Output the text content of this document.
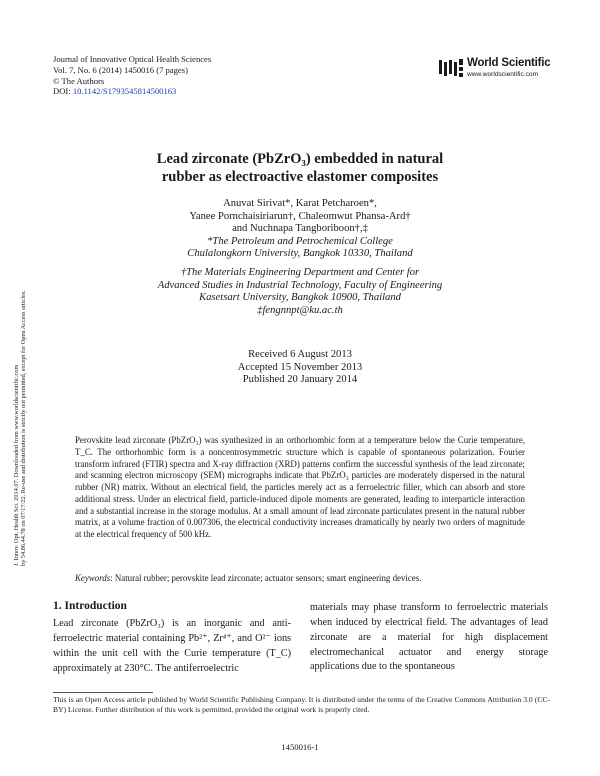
J. Innov. Opt. Health Sci. 2014.07. Downloaded from www.worldscientific.com by 54.86.44.78 on 07/17/22. Re-use and distribution is strictly not permitted, except for Open Access articles.
Journal of Innovative Optical Health Sciences
Vol. 7, No. 6 (2014) 1450016 (7 pages)
© The Authors
DOI: 10.1142/S1793545814500163
World Scientific
www.worldscientific.com
Lead zirconate (PbZrO₃) embedded in natural
rubber as electroactive elastomer composites
Anuvat Sirivat*, Karat Petcharoen*,
Yanee Pornchaisiriarun†, Chaleomwut Phansa-Ard†
and Nuchnapa Tangboriboon†,‡
*The Petroleum and Petrochemical College
Chulalongkorn University, Bangkok 10330, Thailand
†The Materials Engineering Department and Center for
Advanced Studies in Industrial Technology, Faculty of Engineering
Kasetsart University, Bangkok 10900, Thailand
‡fengnnpt@ku.ac.th
Received 6 August 2013
Accepted 15 November 2013
Published 20 January 2014

Perovskite lead zirconate (PbZrO₃) was synthesized in an orthorhombic form at a temperature below the Curie temperature, T_C. The orthorhombic form is a noncentrosymmetric structure which is capable of spontaneous polarization. Fourier transform infrared (FTIR) spectra and X-ray diffraction (XRD) patterns confirm the successful synthesis of the lead zirconate; and scanning electron microscopy (SEM) micrographs indicate that PbZrO₃ particles are moderately dispersed in the natural rubber (NR) matrix. Without an electrical field, the particles merely act as a ferroelectric filler, which can absorb and store additional stress. Under an electrical field, particle-induced dipole moments are generated, leading to interparticle interaction and a substantial increase in the storage modulus. At a small amount of lead zirconate particulates present in the natural rubber matrix, at a volume fraction of 0.007306, the electrical conductivity increases dramatically by nearly two orders of magnitude at the electrical frequency of 500 kHz.

Keywords: Natural rubber; perovskite lead zirconate; actuator sensors; smart engineering devices.
1. Introduction

Lead zirconate (PbZrO₃) is an inorganic and anti-ferroelectric material containing Pb²⁺, Zr⁴⁺, and O²⁻ ions within the unit cell with the Curie temperature (T_C) approximately at 230°C. The antiferroelectric

materials may phase transform to ferroelectric materials when induced by electrical field. The advantages of lead zirconate are a material for high displacement electromechanical actuator and energy storage applications due to the spontaneous

This is an Open Access article published by World Scientific Publishing Company. It is distributed under the terms of the Creative Commons Attribution 3.0 (CC-BY) License. Further distribution of this work is permitted, provided the original work is properly cited.
1450016-1
